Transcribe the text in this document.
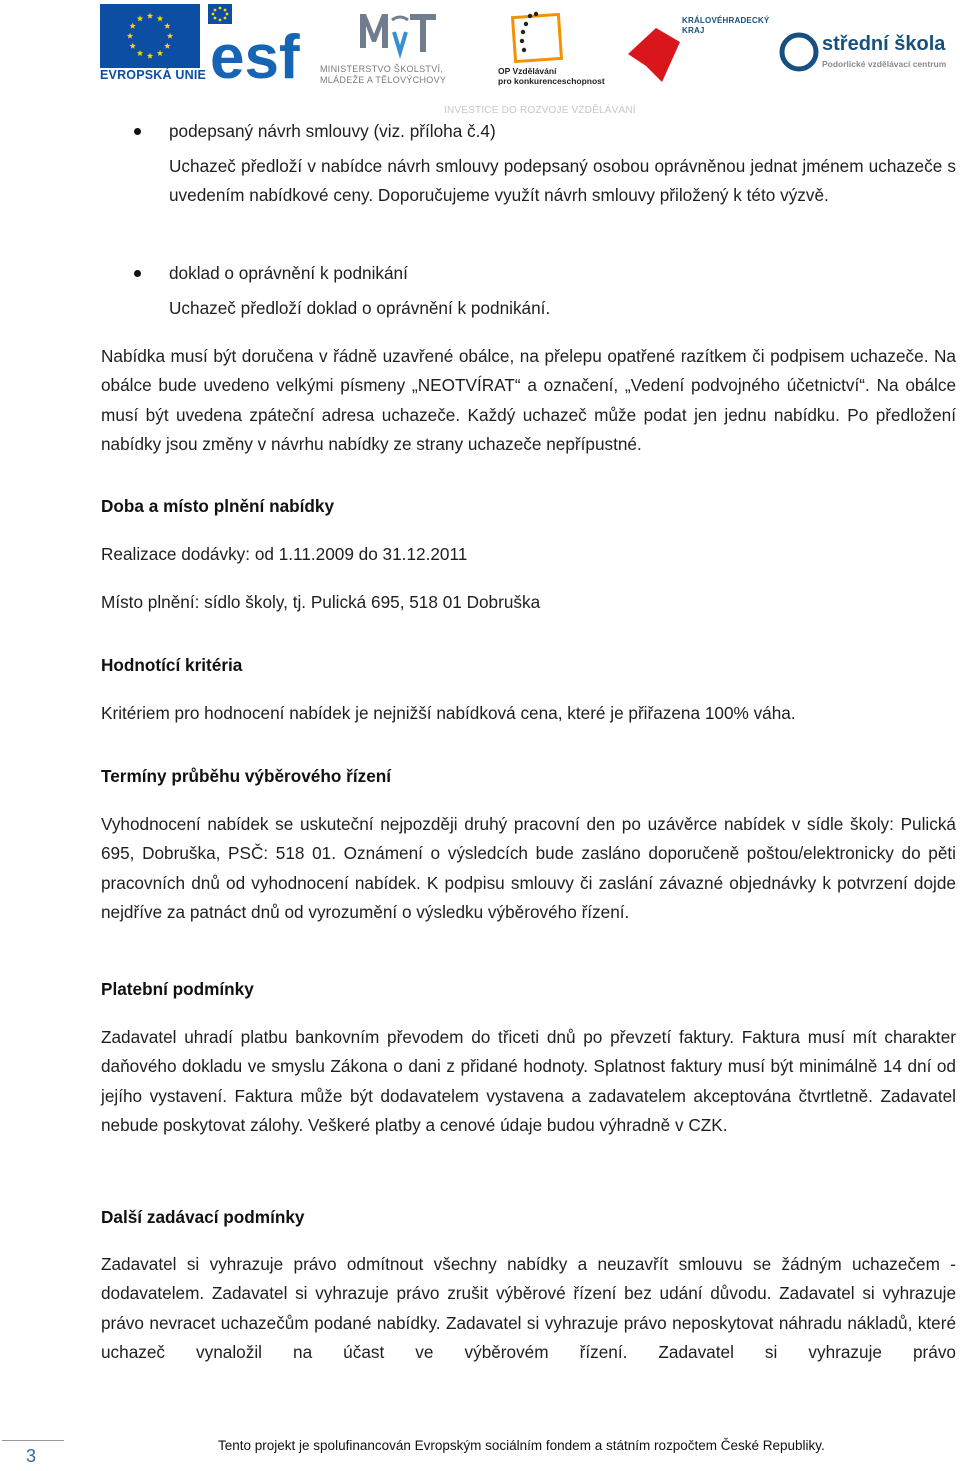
EVROPSKÁ UNIE esf MINISTERSTVO ŠKOLSTVÍ,
MLÁDEŽE A TĚLOVÝCHOVY
OP Vzdělávání
pro konkurenceschopnost
KRÁLOVÉHRADECKÝ
KRAJ
střední škola
Podorlické vzdělávací centrum
INVESTICE DO ROZVOJE VZDĚLÁVÁNÍ
podepsaný návrh smlouvy (viz. příloha č.4)
Uchazeč předloží v nabídce návrh smlouvy podepsaný osobou oprávněnou jednat jménem uchazeče s uvedením nabídkové ceny. Doporučujeme využít návrh smlouvy přiložený k této výzvě.
doklad o oprávnění k podnikání
Uchazeč předloží doklad o oprávnění k podnikání.
Nabídka musí být doručena v řádně uzavřené obálce, na přelepu opatřené razítkem či podpisem uchazeče. Na obálce bude uvedeno velkými písmeny „NEOTVÍRAT“ a označení, „Vedení podvojného účetnictví“. Na obálce musí být uvedena zpáteční adresa uchazeče. Každý uchazeč může podat jen jednu nabídku. Po předložení nabídky jsou změny v návrhu nabídky ze strany uchazeče nepřípustné.
Doba a místo plnění nabídky
Realizace dodávky: od 1.11.2009 do 31.12.2011
Místo plnění: sídlo školy, tj. Pulická 695, 518 01 Dobruška
Hodnotící kritéria
Kritériem pro hodnocení nabídek je nejnižší nabídková cena, které je přiřazena 100% váha.
Termíny průběhu výběrového řízení
Vyhodnocení nabídek se uskuteční nejpozději druhý pracovní den po uzávěrce nabídek v sídle školy: Pulická 695, Dobruška, PSČ: 518 01. Oznámení o výsledcích bude zasláno doporučeně poštou/elektronicky do pěti pracovních dnů od vyhodnocení nabídek. K podpisu smlouvy či zaslání závazné objednávky k potvrzení dojde nejdříve za patnáct dnů od vyrozumění o výsledku výběrového řízení.
Platební podmínky
Zadavatel uhradí platbu bankovním převodem do třiceti dnů po převzetí faktury. Faktura musí mít charakter daňového dokladu ve smyslu Zákona o dani z přidané hodnoty. Splatnost faktury musí být minimálně 14 dní od jejího vystavení. Faktura může být dodavatelem vystavena a zadavatelem akceptována čtvrtletně. Zadavatel nebude poskytovat zálohy. Veškeré platby a cenové údaje budou výhradně v CZK.
Další zadávací podmínky
Zadavatel si vyhrazuje právo odmítnout všechny nabídky a neuzavřít smlouvu se žádným uchazečem - dodavatelem. Zadavatel si vyhrazuje právo zrušit výběrové řízení bez udání důvodu. Zadavatel si vyhrazuje právo nevracet uchazečům podané nabídky. Zadavatel si vyhrazuje právo neposkytovat náhradu nákladů, které uchazeč vynaložil na účast ve výběrovém řízení. Zadavatel si vyhrazuje právo
3
Tento projekt je spolufinancován Evropským sociálním fondem a státním rozpočtem České Republiky.
